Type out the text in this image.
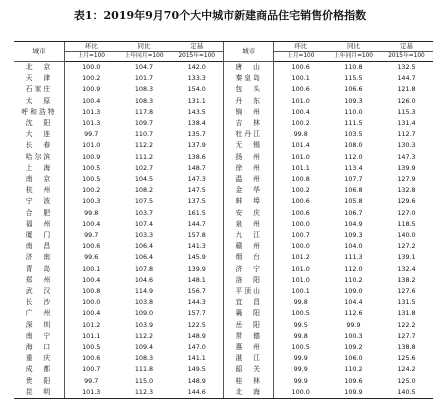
表1：2019年9月70个大中城市新建商品住宅销售价格指数
城市	环比	同比	定基	城市	环比	同比	定基
	上月=100	上年同月=100	2015年=100		上月=100	上年同月=100	2015年=100
北　京	100.0	104.7	142.0	唐　山	100.6	110.8	132.5
天　津	100.2	101.7	133.3	秦皇岛	100.1	115.5	144.7
石家庄	100.9	108.3	154.0	包　头	100.6	106.6	121.8
太　原	100.4	108.3	131.1	丹　东	101.0	109.3	126.0
呼和浩特	101.3	117.8	143.5	锦　州	100.4	110.0	115.3
沈　阳	101.3	109.7	138.4	吉　林	100.2	111.5	131.4
大　连	99.7	110.7	135.7	牡丹江	99.8	103.5	112.7
长　春	101.0	112.2	137.9	无　锡	101.4	108.0	130.3
哈尔滨	100.9	111.2	138.6	扬　州	101.0	112.0	147.3
上　海	100.5	102.7	148.7	徐　州	101.1	113.4	139.9
南　京	100.5	104.5	147.3	温　州	100.8	107.7	127.9
杭　州	100.2	108.2	147.5	金　华	100.2	106.8	132.8
宁　波	100.3	107.5	137.5	蚌　埠	100.6	105.8	129.6
合　肥	99.8	103.7	161.5	安　庆	100.6	106.7	127.0
福　州	100.4	107.4	144.7	泉　州	100.0	104.9	118.5
厦　门	99.7	103.3	157.8	九　江	100.7	109.3	140.0
南　昌	100.6	106.4	141.3	赣　州	100.0	104.0	127.2
济　南	99.6	106.4	145.9	烟　台	101.2	111.3	139.1
青　岛	100.1	107.8	139.9	济　宁	101.0	112.0	132.4
郑　州	100.4	104.6	148.1	洛　阳	101.0	110.2	138.2
武　汉	100.8	114.9	156.7	平顶山	100.1	109.0	127.6
长　沙	100.0	103.8	144.3	宜　昌	99.8	104.4	131.5
广　州	100.4	109.0	157.7	襄　阳	100.5	112.6	131.8
深　圳	101.2	103.9	122.5	岳　阳	99.5	99.9	122.2
南　宁	101.1	112.2	148.9	常　德	99.8	100.3	127.7
海　口	100.5	109.4	147.0	惠　州	100.5	109.2	138.8
重　庆	100.6	108.3	141.1	湛　江	99.9	106.0	125.6
成　都	100.7	111.8	149.5	韶　关	99.9	110.2	124.2
贵　阳	99.7	115.0	148.9	桂　林	99.9	109.6	125.0
昆　明	101.3	112.3	144.6	北　海	100.0	109.9	140.5
